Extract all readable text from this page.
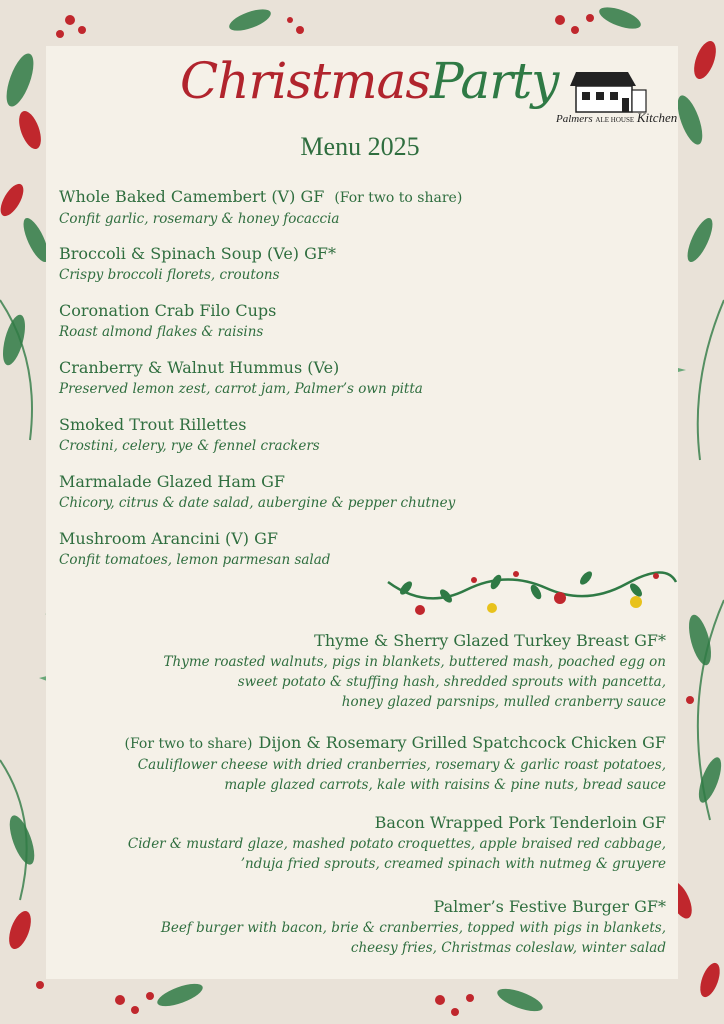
ChristmasParty
Menu 2025
Palmers ALE HOUSE Kitchen
Whole Baked Camembert (V) GF (For two to share)
Confit garlic, rosemary & honey focaccia
Broccoli & Spinach Soup (Ve) GF*
Crispy broccoli florets, croutons
Coronation Crab Filo Cups
Roast almond flakes & raisins
Cranberry & Walnut Hummus (Ve)
Preserved lemon zest, carrot jam, Palmer’s own pitta
Smoked Trout Rillettes
Crostini, celery, rye & fennel crackers
Marmalade Glazed Ham GF
Chicory, citrus & date salad, aubergine & pepper chutney
Mushroom Arancini (V) GF
Confit tomatoes, lemon parmesan salad
Thyme & Sherry Glazed Turkey Breast GF*
Thyme roasted walnuts, pigs in blankets, buttered mash, poached egg on
sweet potato & stuffing hash, shredded sprouts with pancetta,
honey glazed parsnips, mulled cranberry sauce
(For two to share) Dijon & Rosemary Grilled Spatchcock Chicken GF
Cauliflower cheese with dried cranberries, rosemary & garlic roast potatoes,
maple glazed carrots, kale with raisins & pine nuts, bread sauce
Bacon Wrapped Pork Tenderloin GF
Cider & mustard glaze, mashed potato croquettes, apple braised red cabbage,
’nduja fried sprouts, creamed spinach with nutmeg & gruyere
Palmer’s Festive Burger GF*
Beef burger with bacon, brie & cranberries, topped with pigs in blankets,
cheesy fries, Christmas coleslaw, winter salad
